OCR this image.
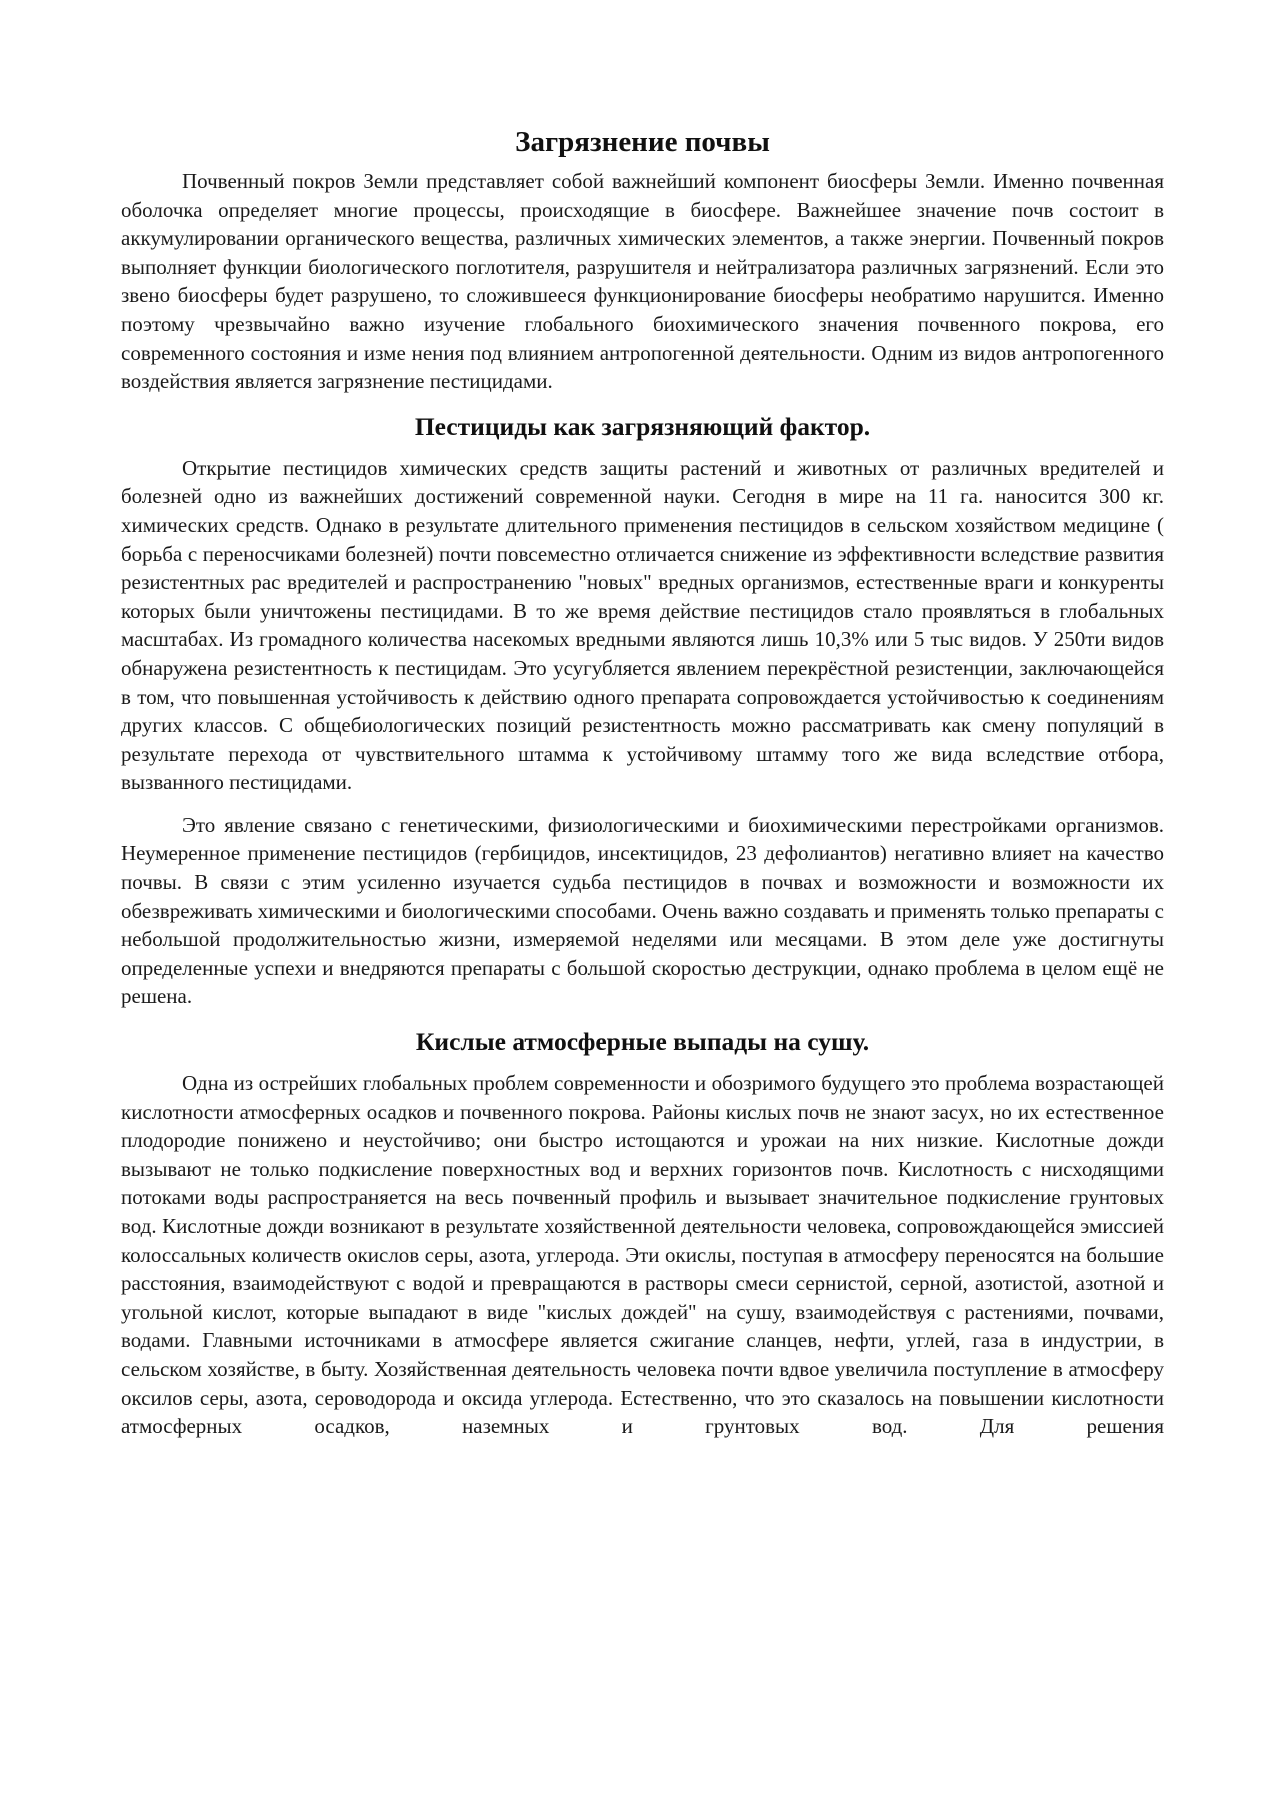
Загрязнение почвы

Почвенный покров Земли представляет собой важнейший компонент биосферы Земли. Именно почвенная оболочка определяет многие процессы, происходящие в биосфере. Важнейшее значение почв состоит в аккумулировании органического вещества, различных химических элементов, а также энергии. Почвенный покров выполняет функции биологического поглотителя, разрушителя и нейтрализатора различных загрязнений. Если это звено биосферы будет разрушено, то сложившееся функционирование биосферы необратимо нарушится. Именно поэтому чрезвычайно важно изучение глобального биохимического значения почвенного покрова, его современного состояния и изме нения под влиянием антропогенной деятельности. Одним из видов антропогенного воздействия является загрязнение пестицидами.

Пестициды как загрязняющий фактор.

Открытие пестицидов химических средств защиты растений и животных от различных вредителей и болезней одно из важнейших достижений современной науки. Сегодня в мире на 11 га. наносится 300 кг. химических средств. Однако в результате длительного применения пестицидов в сельском хозяйством медицине ( борьба с переносчиками болезней) почти повсеместно отличается снижение из эффективности вследствие развития резистентных рас вредителей и распространению "новых" вредных организмов, естественные враги и конкуренты которых были уничтожены пестицидами. В то же время действие пестицидов стало проявляться в глобальных масштабах. Из громадного количества насекомых вредными являются лишь 10,3% или 5 тыс видов. У 250ти видов обнаружена резистентность к пестицидам. Это усугубляется явлением перекрёстной резистенции, заключающейся в том, что повышенная устойчивость к действию одного препарата сопровождается устойчивостью к соединениям других классов. С общебиологических позиций резистентность можно рассматривать как смену популяций в результате перехода от чувствительного штамма к устойчивому штамму того же вида вследствие отбора, вызванного пестицидами.

Это явление связано с генетическими, физиологическими и биохимическими перестройками организмов. Неумеренное применение пестицидов (гербицидов, инсектицидов, 23 дефолиантов) негативно влияет на качество почвы. В связи с этим усиленно изучается судьба пестицидов в почвах и возможности и возможности их обезвреживать химическими и биологическими способами. Очень важно создавать и применять только препараты с небольшой продолжительностью жизни, измеряемой неделями или месяцами. В этом деле уже достигнуты определенные успехи и внедряются препараты с большой скоростью деструкции, однако проблема в целом ещё не решена.

Кислые атмосферные выпады на сушу.

Одна из острейших глобальных проблем современности и обозримого будущего это проблема возрастающей кислотности атмосферных осадков и почвенного покрова. Районы кислых почв не знают засух, но их естественное плодородие понижено и неустойчиво; они быстро истощаются и урожаи на них низкие. Кислотные дожди вызывают не только подкисление поверхностных вод и верхних горизонтов почв. Кислотность с нисходящими потоками воды распространяется на весь почвенный профиль и вызывает значительное подкисление грунтовых вод. Кислотные дожди возникают в результате хозяйственной деятельности человека, сопровождающейся эмиссией колоссальных количеств окислов серы, азота, углерода. Эти окислы, поступая в атмосферу переносятся на большие расстояния, взаимодействуют с водой и превращаются в растворы смеси сернистой, серной, азотистой, азотной и угольной кислот, которые выпадают в виде "кислых дождей" на сушу, взаимодействуя с растениями, почвами, водами. Главными источниками в атмосфере является сжигание сланцев, нефти, углей, газа в индустрии, в сельском хозяйстве, в быту. Хозяйственная деятельность человека почти вдвое увеличила поступление в атмосферу оксилов серы, азота, сероводорода и оксида углерода. Естественно, что это сказалось на повышении кислотности атмосферных осадков, наземных и грунтовых вод. Для решения
